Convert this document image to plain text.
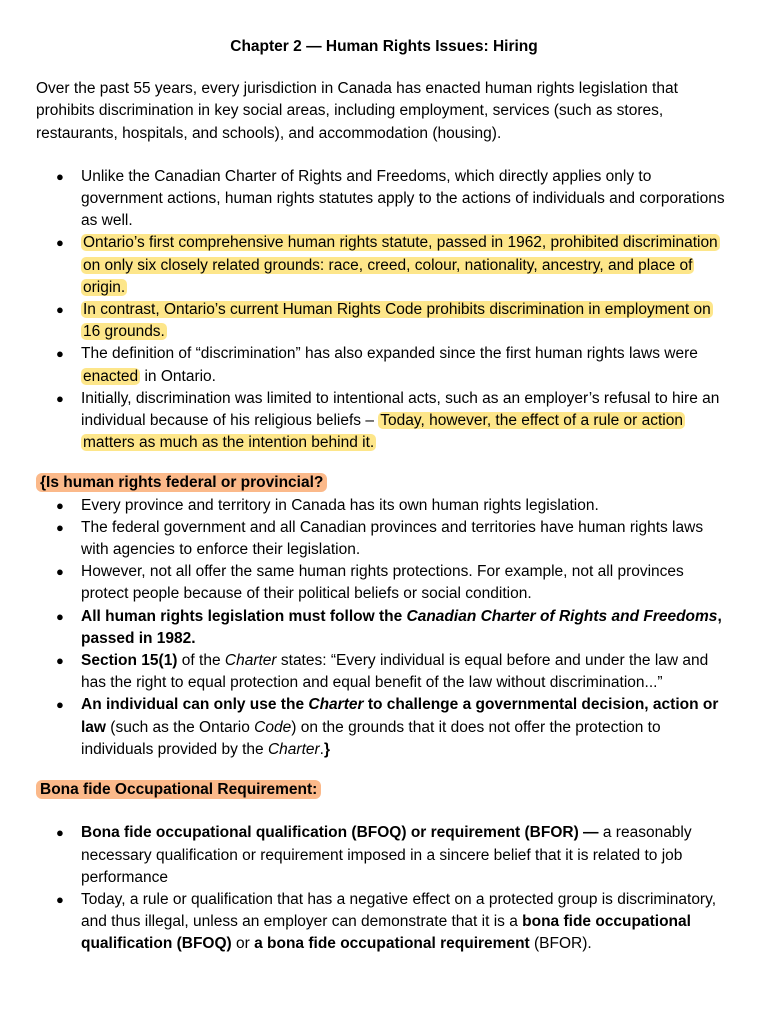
Chapter 2 — Human Rights Issues: Hiring

Over the past 55 years, every jurisdiction in Canada has enacted human rights legislation that prohibits discrimination in key social areas, including employment, services (such as stores, restaurants, hospitals, and schools), and accommodation (housing).

● Unlike the Canadian Charter of Rights and Freedoms, which directly applies only to government actions, human rights statutes apply to the actions of individuals and corporations as well.
● Ontario’s first comprehensive human rights statute, passed in 1962, prohibited discrimination on only six closely related grounds: race, creed, colour, nationality, ancestry, and place of origin.
● In contrast, Ontario’s current Human Rights Code prohibits discrimination in employment on 16 grounds.
● The definition of “discrimination” has also expanded since the first human rights laws were enacted in Ontario.
● Initially, discrimination was limited to intentional acts, such as an employer’s refusal to hire an individual because of his religious beliefs – Today, however, the effect of a rule or action matters as much as the intention behind it.

{Is human rights federal or provincial?

● Every province and territory in Canada has its own human rights legislation.
● The federal government and all Canadian provinces and territories have human rights laws with agencies to enforce their legislation.
● However, not all offer the same human rights protections. For example, not all provinces protect people because of their political beliefs or social condition.
● All human rights legislation must follow the Canadian Charter of Rights and Freedoms, passed in 1982.
● Section 15(1) of the Charter states: “Every individual is equal before and under the law and has the right to equal protection and equal benefit of the law without discrimination...”
● An individual can only use the Charter to challenge a governmental decision, action or law (such as the Ontario Code) on the grounds that it does not offer the protection to individuals provided by the Charter.}

Bona fide Occupational Requirement:

● Bona fide occupational qualification (BFOQ) or requirement (BFOR) — a reasonably necessary qualification or requirement imposed in a sincere belief that it is related to job performance
● Today, a rule or qualification that has a negative effect on a protected group is discriminatory, and thus illegal, unless an employer can demonstrate that it is a bona fide occupational qualification (BFOQ) or a bona fide occupational requirement (BFOR).
